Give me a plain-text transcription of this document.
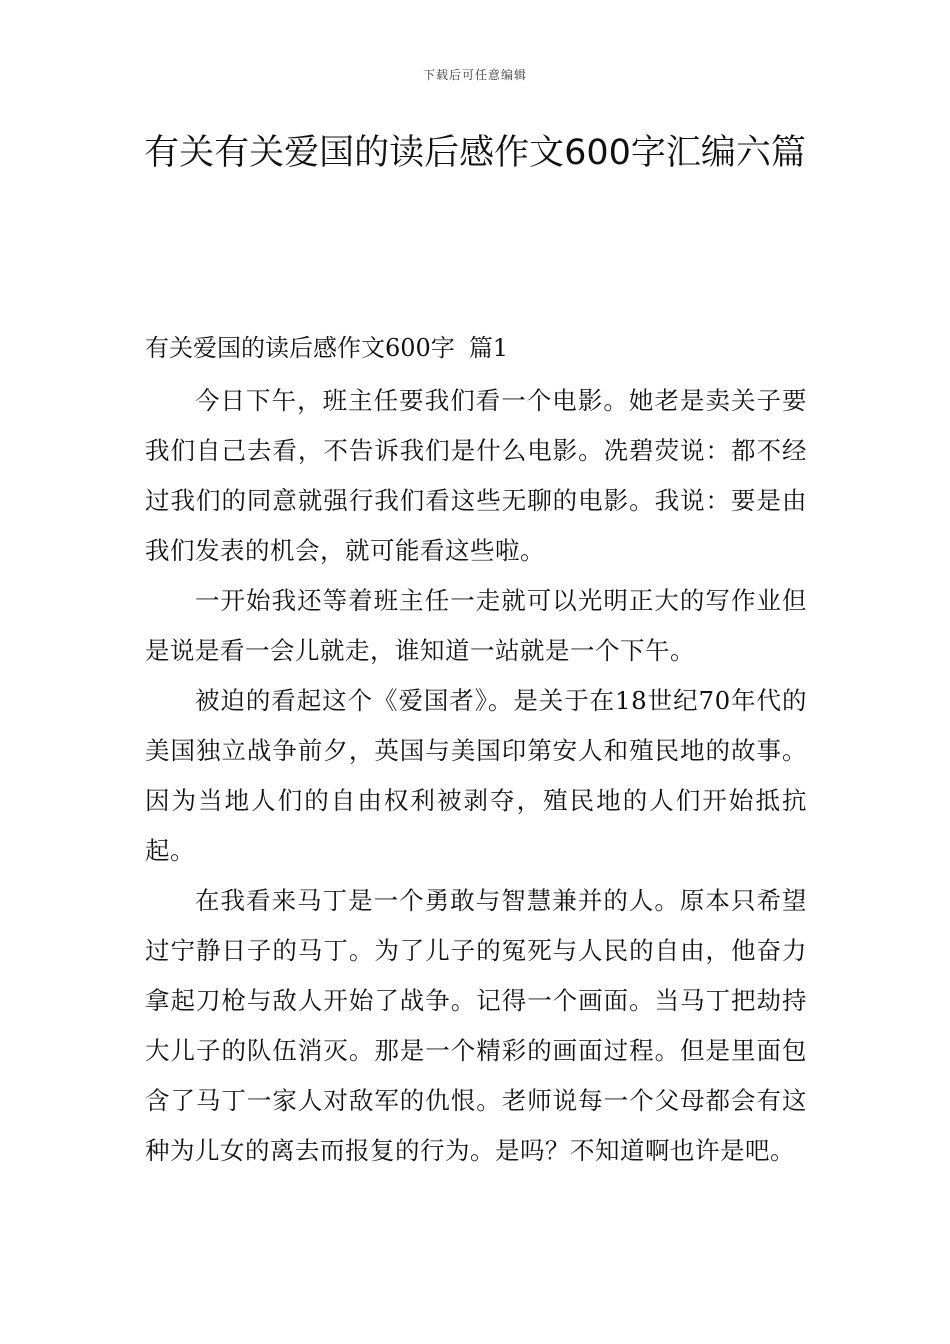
下载后可任意编辑
有关有关爱国的读后感作文600字汇编六篇
有关爱国的读后感作文600字 篇1

今日下午，班主任要我们看一个电影。她老是卖关子要我们自己去看，不告诉我们是什么电影。冼碧荧说：都不经过我们的同意就强行我们看这些无聊的电影。我说：要是由我们发表的机会，就可能看这些啦。

一开始我还等着班主任一走就可以光明正大的写作业但是说是看一会儿就走，谁知道一站就是一个下午。

被迫的看起这个《爱国者》。是关于在18世纪70年代的美国独立战争前夕，英国与美国印第安人和殖民地的故事。因为当地人们的自由权利被剥夺，殖民地的人们开始抵抗起。

在我看来马丁是一个勇敢与智慧兼并的人。原本只希望过宁静日子的马丁。为了儿子的冤死与人民的自由，他奋力拿起刀枪与敌人开始了战争。记得一个画面。当马丁把劫持大儿子的队伍消灭。那是一个精彩的画面过程。但是里面包含了马丁一家人对敌军的仇恨。老师说每一个父母都会有这种为儿女的离去而报复的行为。是吗？不知道啊也许是吧。
